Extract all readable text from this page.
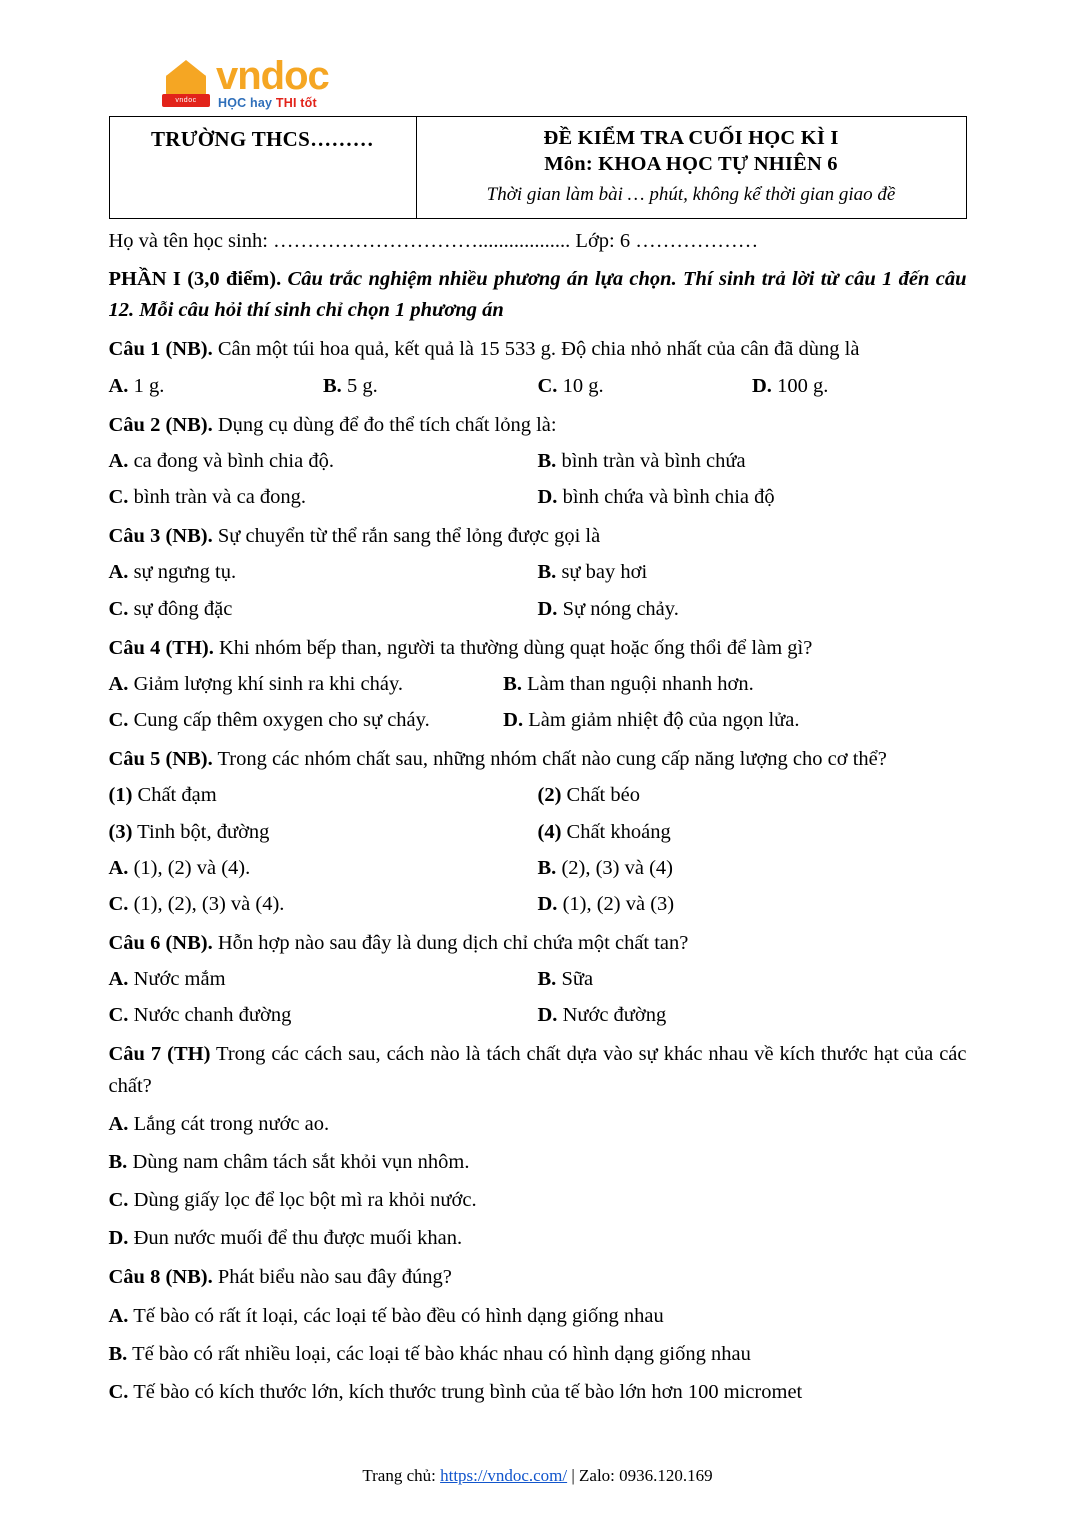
vndoc
vndoc
HỌC hay THI tốt
TRƯỜNG THCS………	ĐỀ KIỂM TRA CUỐI HỌC KÌ I
Môn: KHOA HỌC TỰ NHIÊN 6
Thời gian làm bài … phút, không kể thời gian giao đề
Họ và tên học sinh: ………………………….................. Lớp: 6 ………………
PHẦN I (3,0 điểm). Câu trắc nghiệm nhiều phương án lựa chọn. Thí sinh trả lời từ câu 1 đến câu 12. Mỗi câu hỏi thí sinh chỉ chọn 1 phương án
Câu 1 (NB). Cân một túi hoa quả, kết quả là 15 533 g. Độ chia nhỏ nhất của cân đã dùng là
A. 1 g.	B. 5 g.	C. 10 g.	D. 100 g.
Câu 2 (NB). Dụng cụ dùng để đo thể tích chất lỏng là:
A. ca đong và bình chia độ.	B. bình tràn và bình chứa
C. bình tràn và ca đong.	D. bình chứa và bình chia độ
Câu 3 (NB). Sự chuyển từ thể rắn sang thể lỏng được gọi là
A. sự ngưng tụ.	B. sự bay hơi
C. sự đông đặc	D. Sự nóng chảy.
Câu 4 (TH). Khi nhóm bếp than, người ta thường dùng quạt hoặc ống thổi để làm gì?
A. Giảm lượng khí sinh ra khi cháy.	B. Làm than nguội nhanh hơn.
C. Cung cấp thêm oxygen cho sự cháy.	D. Làm giảm nhiệt độ của ngọn lửa.
Câu 5 (NB). Trong các nhóm chất sau, những nhóm chất nào cung cấp năng lượng cho cơ thể?
(1) Chất đạm	(2) Chất béo
(3) Tinh bột, đường	(4) Chất khoáng
A. (1), (2) và (4).	B. (2), (3) và (4)
C. (1), (2), (3) và (4).	D. (1), (2) và (3)
Câu 6 (NB). Hỗn hợp nào sau đây là dung dịch chỉ chứa một chất tan?
A. Nước mắm	B. Sữa
C. Nước chanh đường	D. Nước đường
Câu 7 (TH) Trong các cách sau, cách nào là tách chất dựa vào sự khác nhau về kích thước hạt của các chất?
A. Lắng cát trong nước ao.
B. Dùng nam châm tách sắt khỏi vụn nhôm.
C. Dùng giấy lọc để lọc bột mì ra khỏi nước.
D. Đun nước muối để thu được muối khan.
Câu 8 (NB). Phát biểu nào sau đây đúng?
A. Tế bào có rất ít loại, các loại tế bào đều có hình dạng giống nhau
B. Tế bào có rất nhiều loại, các loại tế bào khác nhau có hình dạng giống nhau
C. Tế bào có kích thước lớn, kích thước trung bình của tế bào lớn hơn 100 micromet
Trang chủ: https://vndoc.com/ | Zalo: 0936.120.169
